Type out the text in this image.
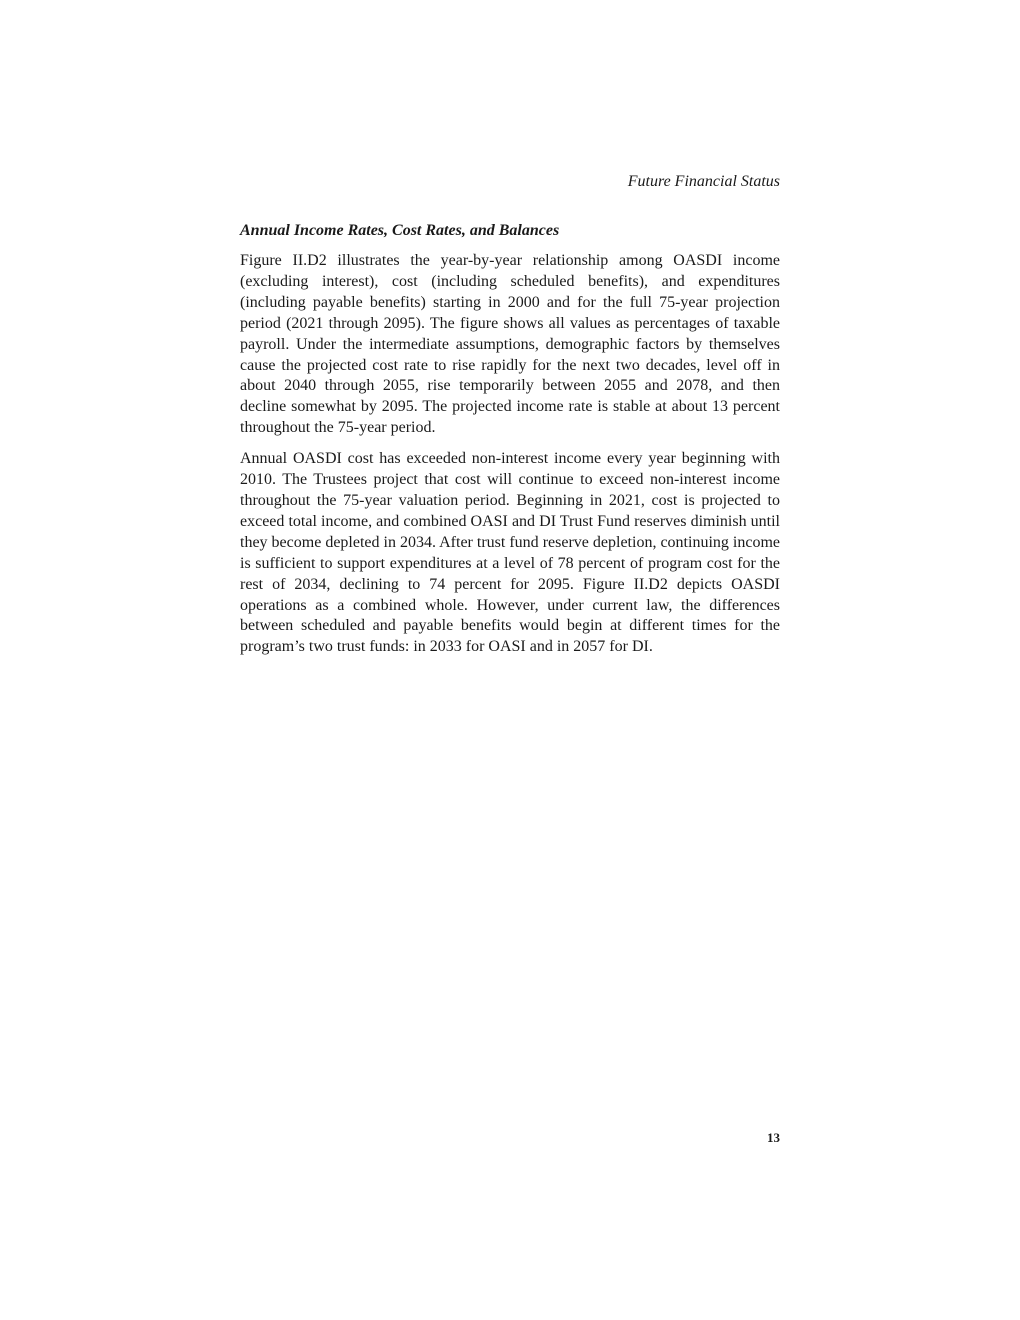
Future Financial Status
Annual Income Rates, Cost Rates, and Balances

Figure II.D2 illustrates the year-by-year relationship among OASDI income (excluding interest), cost (including scheduled benefits), and expenditures (including payable benefits) starting in 2000 and for the full 75-year projection period (2021 through 2095). The figure shows all values as percentages of taxable payroll. Under the intermediate assumptions, demographic factors by themselves cause the projected cost rate to rise rapidly for the next two decades, level off in about 2040 through 2055, rise temporarily between 2055 and 2078, and then decline somewhat by 2095. The projected income rate is stable at about 13 percent throughout the 75-year period.

Annual OASDI cost has exceeded non-interest income every year beginning with 2010. The Trustees project that cost will continue to exceed non-interest income throughout the 75-year valuation period. Beginning in 2021, cost is projected to exceed total income, and combined OASI and DI Trust Fund reserves diminish until they become depleted in 2034. After trust fund reserve depletion, continuing income is sufficient to support expenditures at a level of 78 percent of program cost for the rest of 2034, declining to 74 percent for 2095. Figure II.D2 depicts OASDI operations as a combined whole. However, under current law, the differences between scheduled and payable benefits would begin at different times for the program’s two trust funds: in 2033 for OASI and in 2057 for DI.

13
